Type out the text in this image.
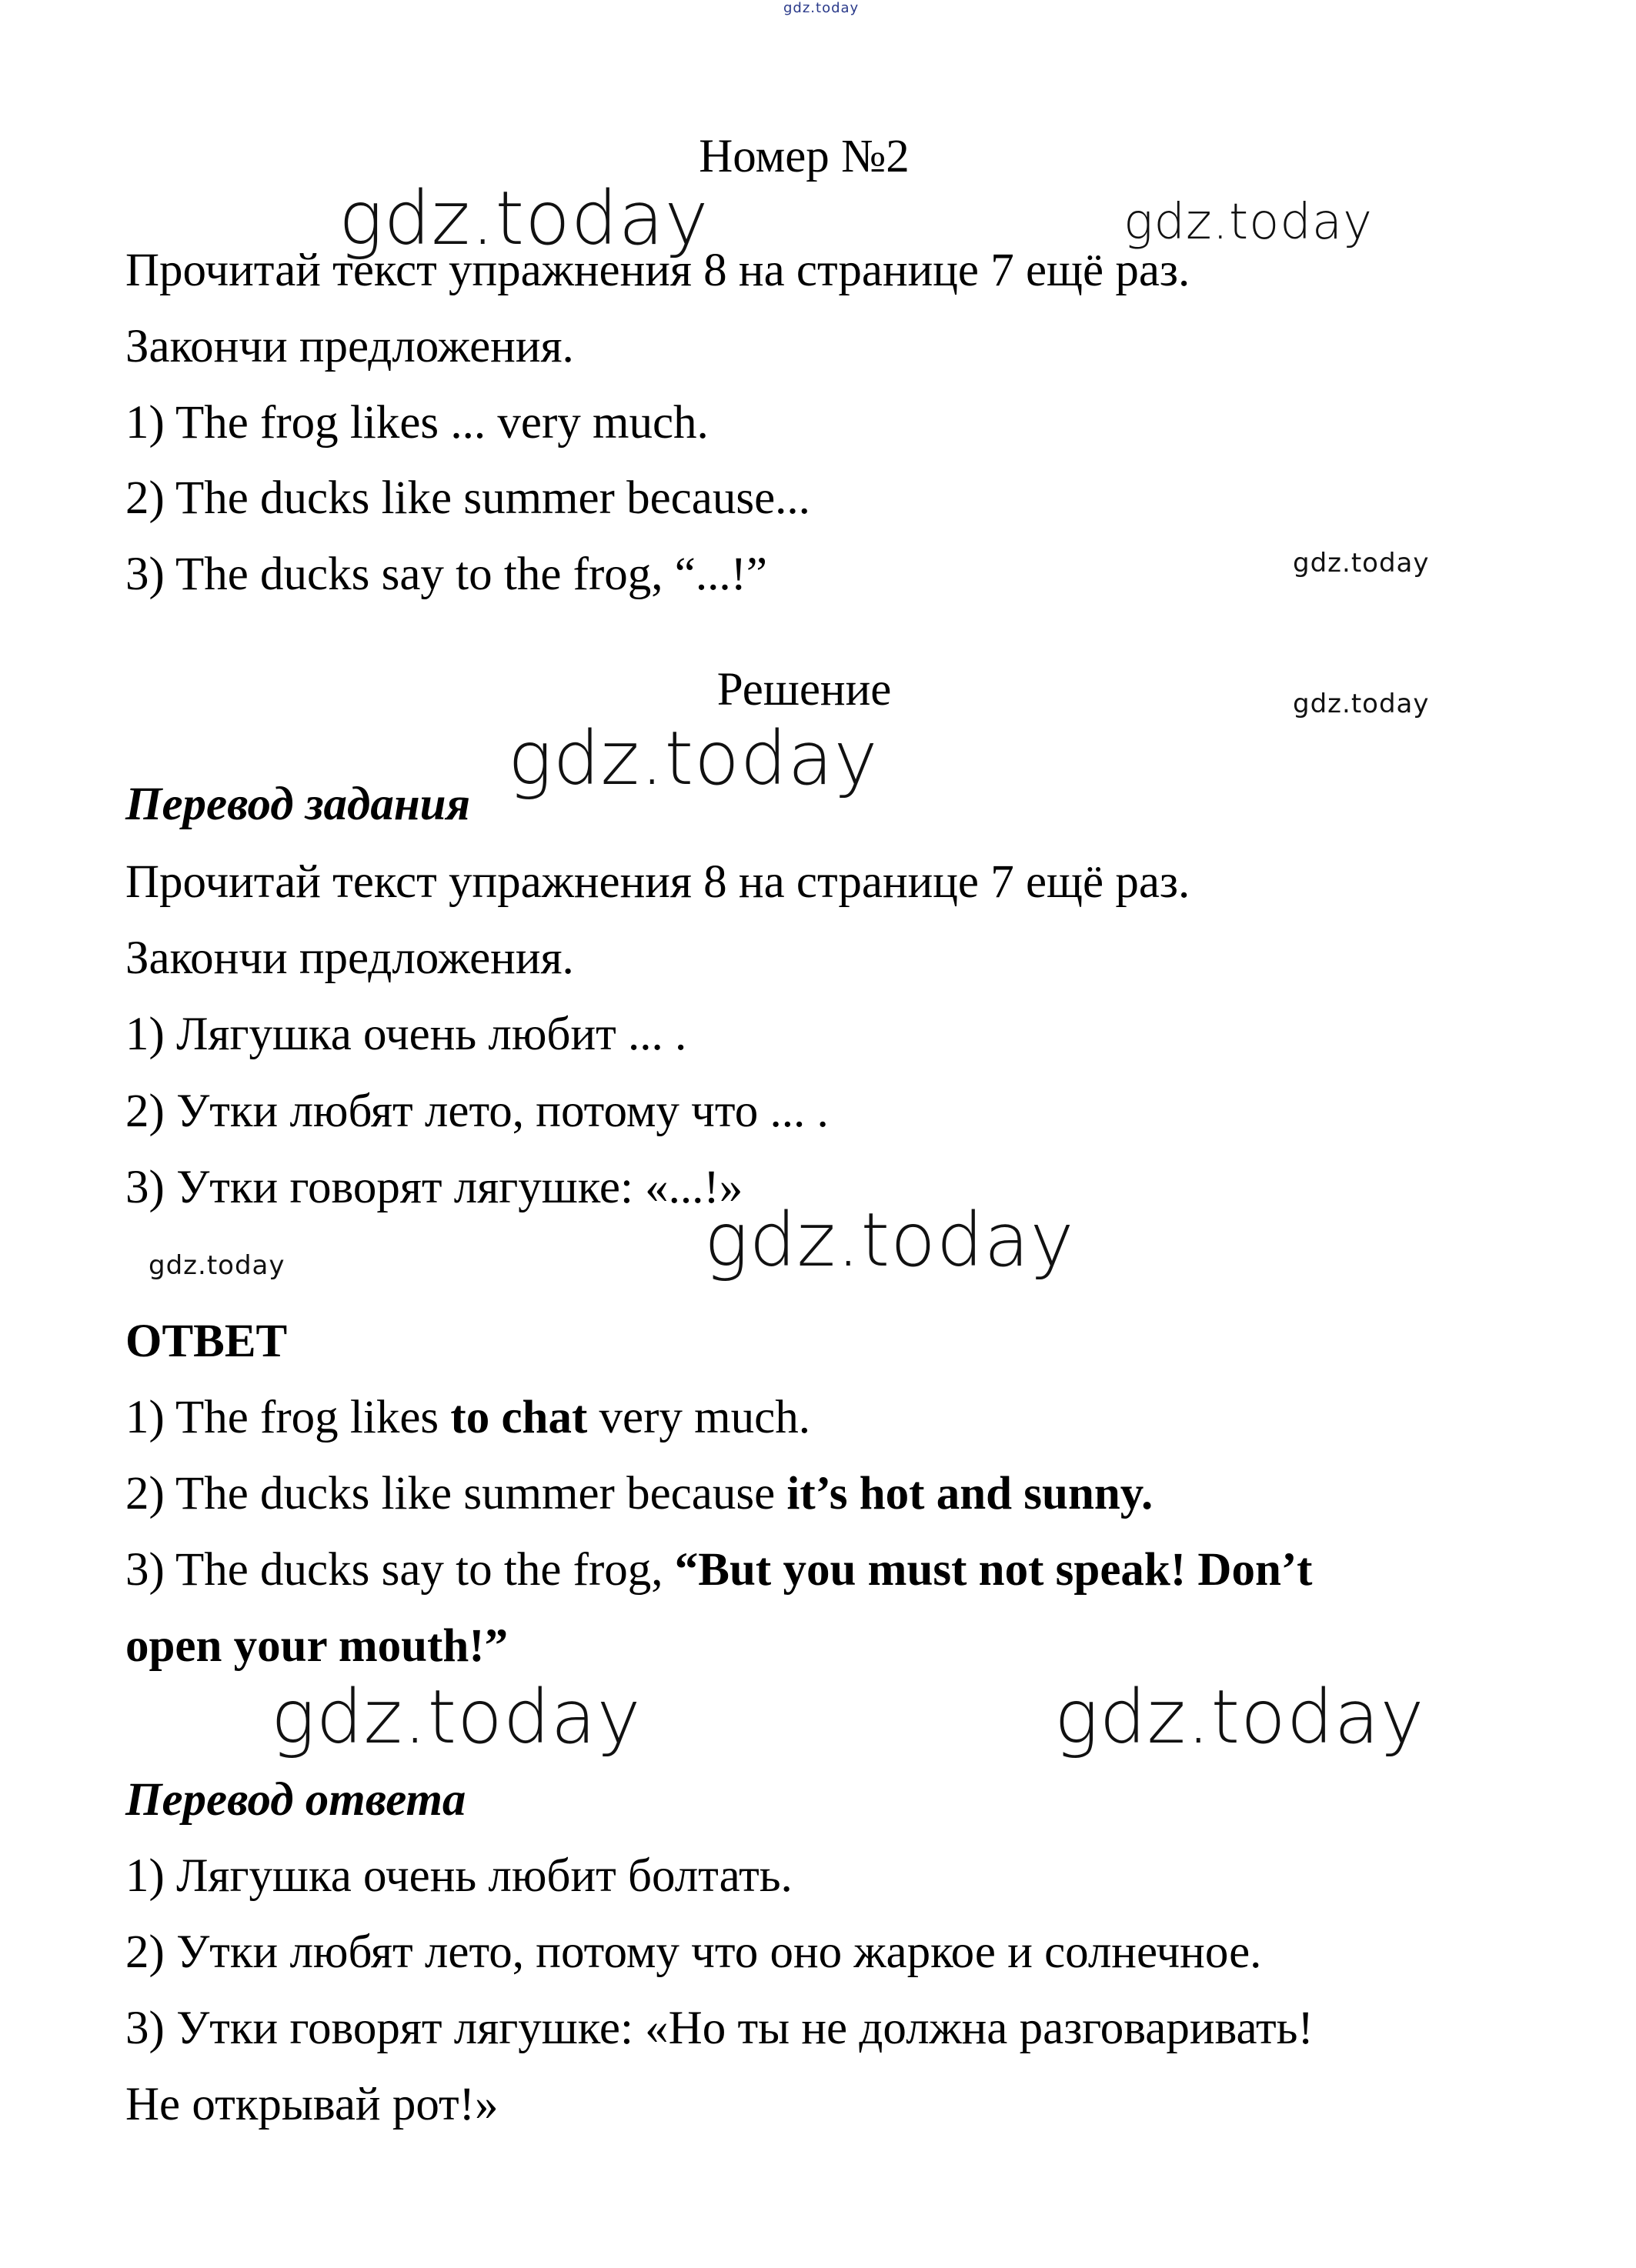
gdz.today
gdz.today	gdz.today
gdz.today
gdz.today
gdz.today
gdz.today	gdz.today
gdz.today	gdz.today
Номер №2
Прочитай текст упражнения 8 на странице 7 ещё раз.
Закончи предложения.
1) The frog likes ... very much.
2) The ducks like summer because...
3) The ducks say to the frog, “...!”
Решение
Перевод задания
Прочитай текст упражнения 8 на странице 7 ещё раз.
Закончи предложения.
1) Лягушка очень любит ... .
2) Утки любят лето, потому что ... .
3) Утки говорят лягушке: «...!»
ОТВЕТ
1) The frog likes to chat very much.
2) The ducks like summer because it’s hot and sunny.
3) The ducks say to the frog, “But you must not speak! Don’t
open your mouth!”
Перевод ответа
1) Лягушка очень любит болтать.
2) Утки любят лето, потому что оно жаркое и солнечное.
3) Утки говорят лягушке: «Но ты не должна разговаривать!
Не открывай рот!»
